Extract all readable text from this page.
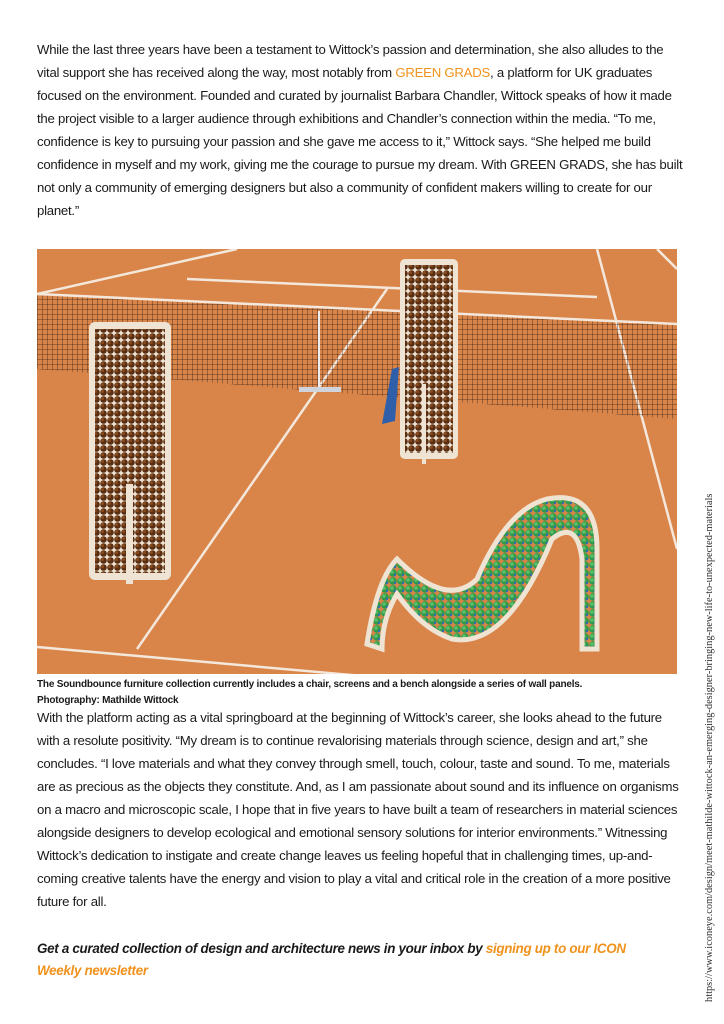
While the last three years have been a testament to Wittock’s passion and determination, she also alludes to the vital support she has received along the way, most notably from GREEN GRADS, a platform for UK graduates focused on the environment. Founded and curated by journalist Barbara Chandler, Wittock speaks of how it made the project visible to a larger audience through exhibitions and Chandler’s connection within the media. “To me, confidence is key to pursuing your passion and she gave me access to it,” Wittock says. “She helped me build confidence in myself and my work, giving me the courage to pursue my dream. With GREEN GRADS, she has built not only a community of emerging designers but also a community of confident makers willing to create for our planet.”

The Soundbounce furniture collection currently includes a chair, screens and a bench alongside a series of wall panels. Photography: Mathilde Wittock

With the platform acting as a vital springboard at the beginning of Wittock’s career, she looks ahead to the future with a resolute positivity. “My dream is to continue revalorising materials through science, design and art,” she concludes. “I love materials and what they convey through smell, touch, colour, taste and sound. To me, materials are as precious as the objects they constitute. And, as I am passionate about sound and its influence on organisms on a macro and microscopic scale, I hope that in five years to have built a team of researchers in material sciences alongside designers to develop ecological and emotional sensory solutions for interior environments.” Witnessing Wittock’s dedication to instigate and create change leaves us feeling hopeful that in challenging times, up-and-coming creative talents have the energy and vision to play a vital and critical role in the creation of a more positive future for all.

Get a curated collection of design and architecture news in your inbox by signing up to our ICON Weekly newsletter	https://www.iconeye.com/design/meet-mathilde-wittock-an-emerging-designer-bringing-new-life-to-unexpected-materials
